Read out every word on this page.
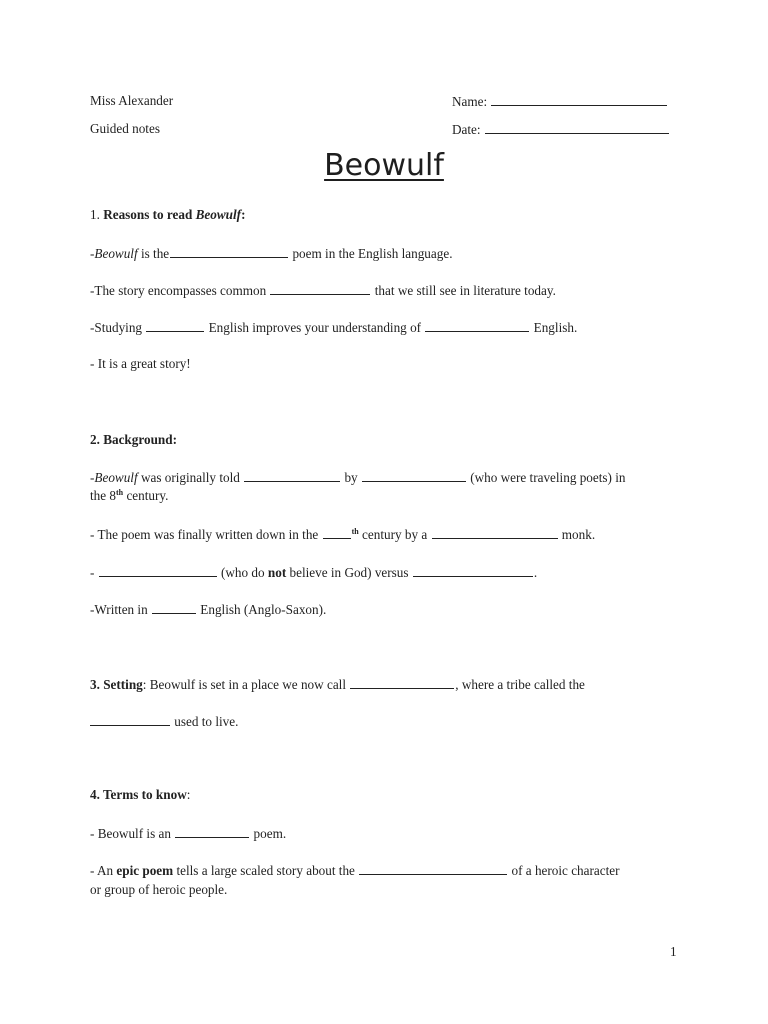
Miss Alexander	Name:
Guided notes	Date:
Beowulf
1. Reasons to read Beowulf:
-Beowulf is the	poem in the English language.
-The story encompasses common	that we still see in literature today.
-Studying	English improves your understanding of	English.
- It is a great story!
2. Background:
-Beowulf was originally told	by	(who were traveling poets) in
the 8th century.
- The poem was finally written down in the	$^{th}$ century by a	monk.
-	(who do not believe in God) versus	.
-Written in	English (Anglo-Saxon).
3. Setting: Beowulf is set in a place we now call	, where a tribe called the
used to live.
4. Terms to know:
- Beowulf is an	poem.
- An epic poem tells a large scaled story about the	of a heroic character
or group of heroic people.
1
